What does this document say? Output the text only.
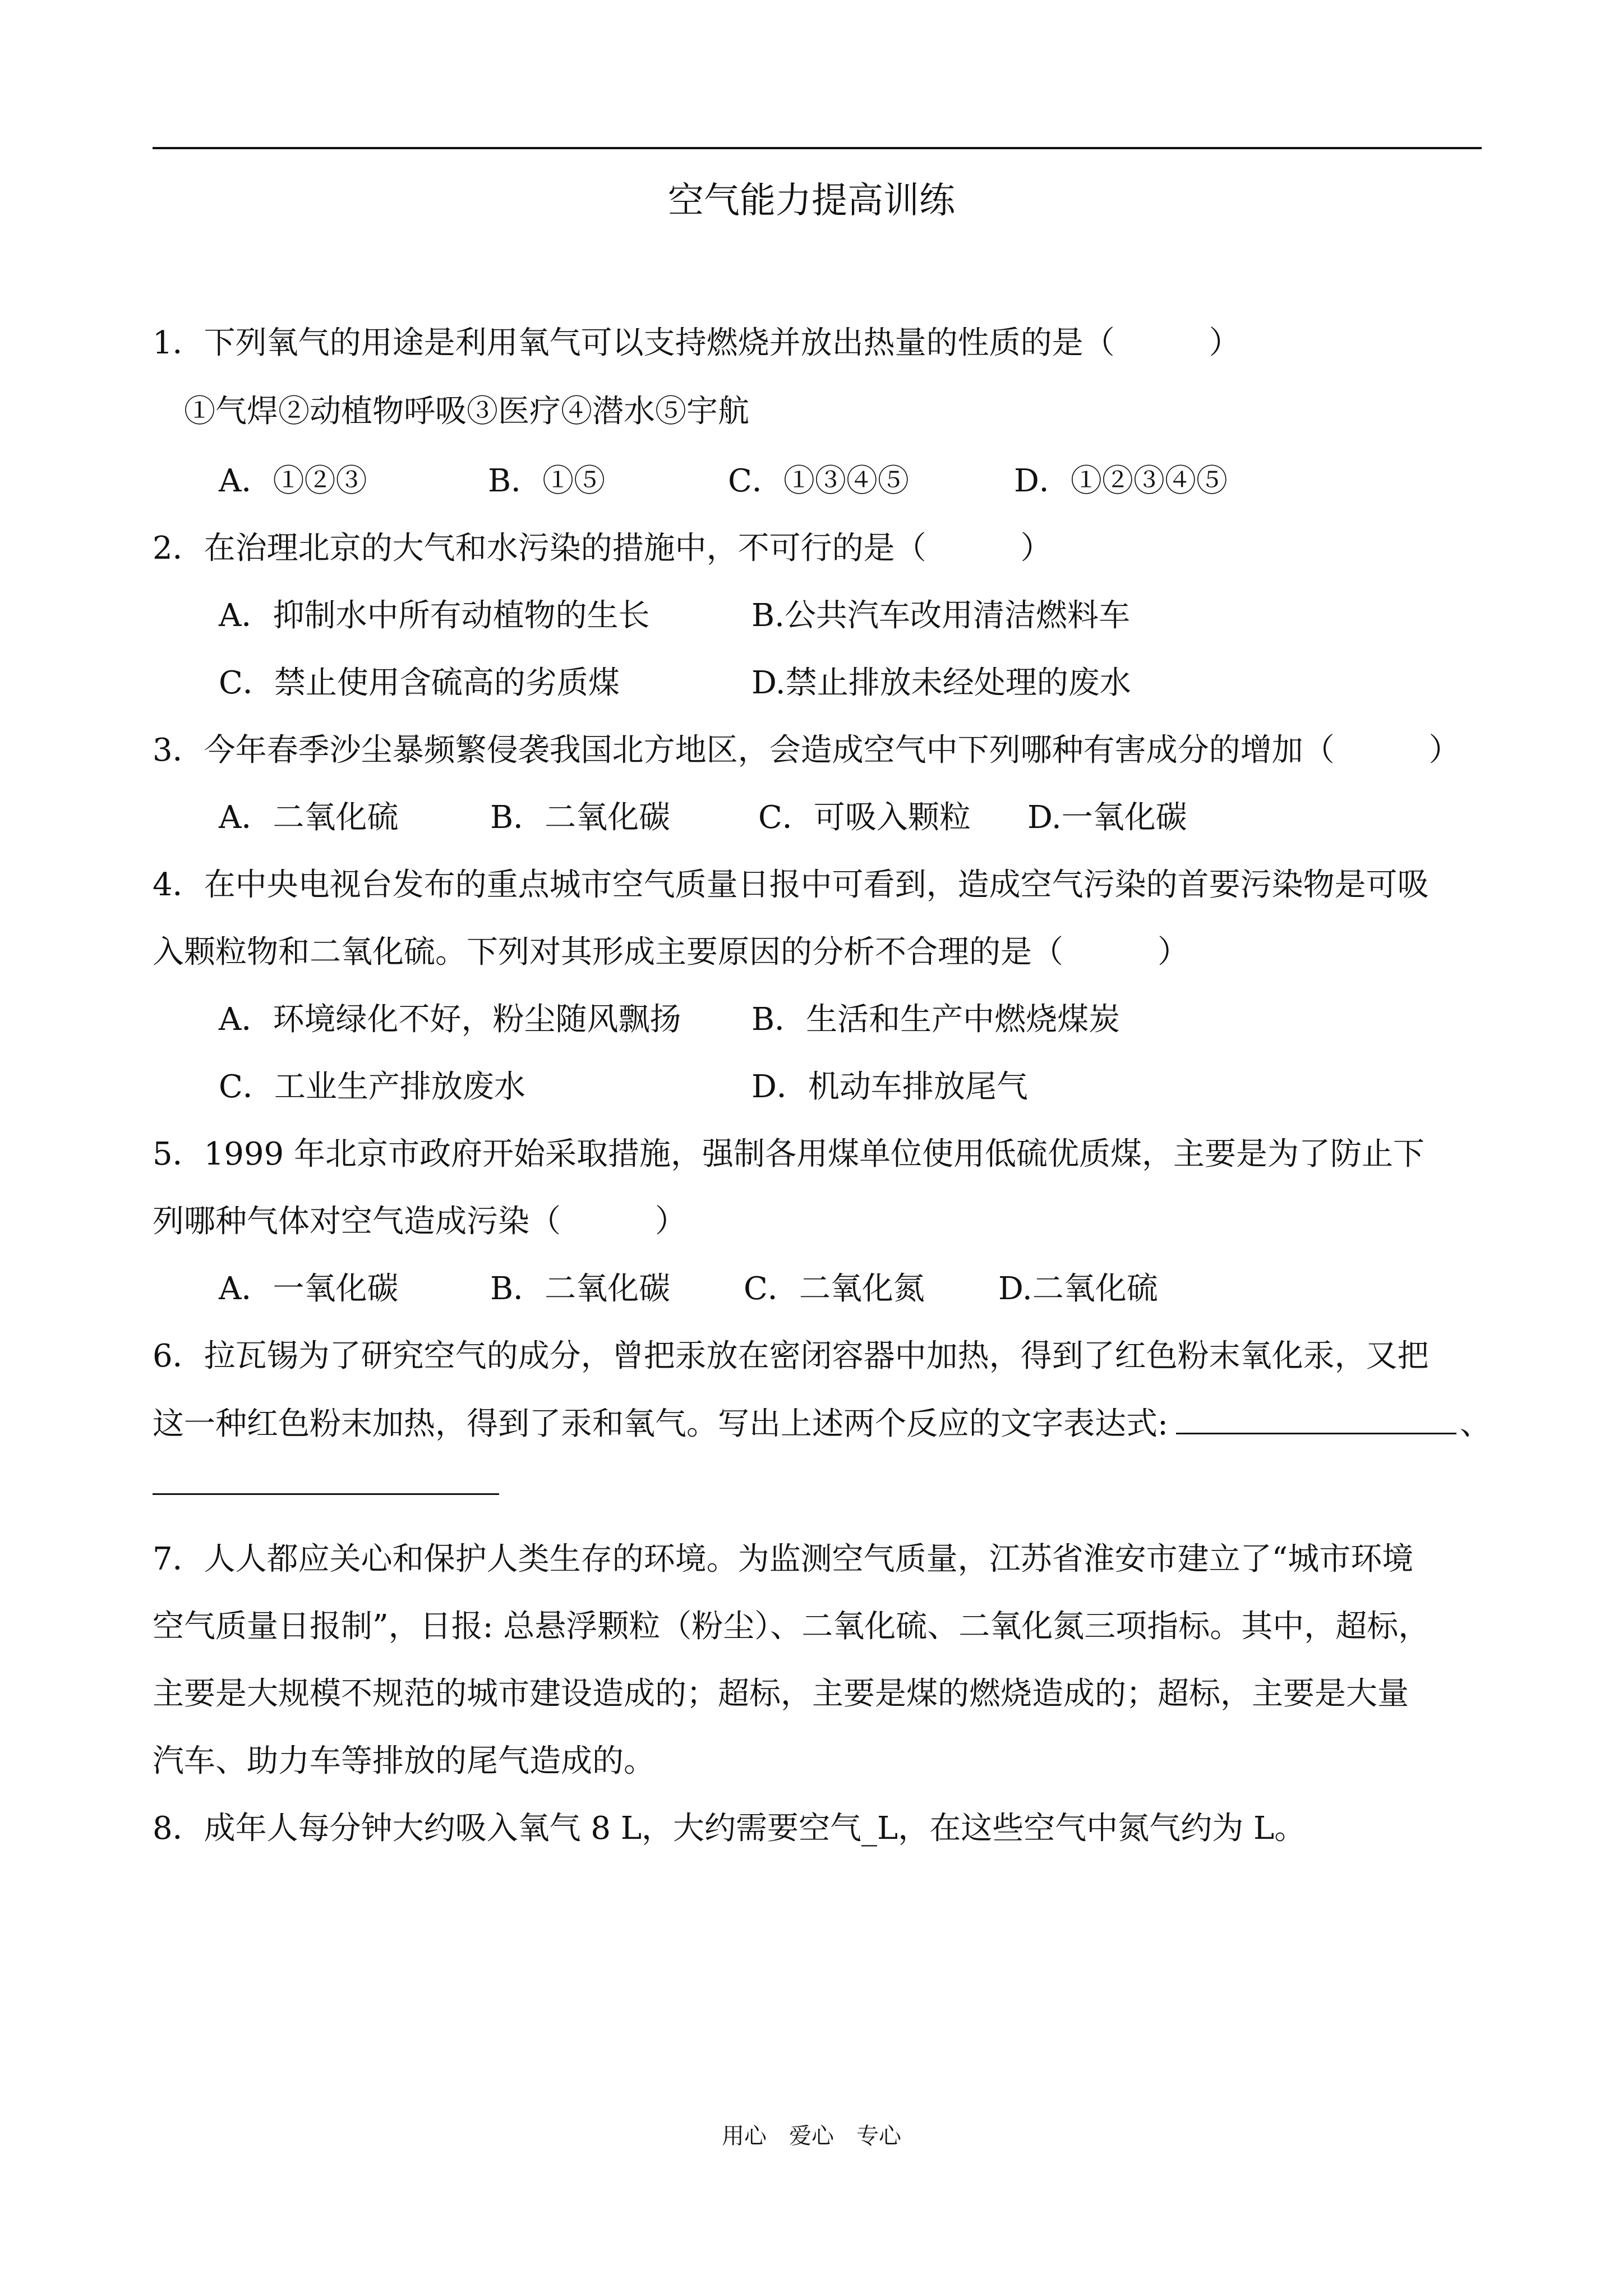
空气能力提高训练
1．下列氧气的用途是利用氧气可以支持燃烧并放出热量的性质的是（　　　）
①气焊②动植物呼吸③医疗④潜水⑤宇航
A．①②③	B．①⑤	C．①③④⑤	D．①②③④⑤
2．在治理北京的大气和水污染的措施中，不可行的是（　　　）
A．抑制水中所有动植物的生长	B.公共汽车改用清洁燃料车
C．禁止使用含硫高的劣质煤	D.禁止排放未经处理的废水
3．今年春季沙尘暴频繁侵袭我国北方地区，会造成空气中下列哪种有害成分的增加（　　　）
A．二氧化硫	B．二氧化碳	C．可吸入颗粒 D.一氧化碳
4．在中央电视台发布的重点城市空气质量日报中可看到，造成空气污染的首要污染物是可吸
入颗粒物和二氧化硫。下列对其形成主要原因的分析不合理的是（　　　）
A．环境绿化不好，粉尘随风飘扬 B．生活和生产中燃烧煤炭
C．工业生产排放废水	D．机动车排放尾气
5．1999 年北京市政府开始采取措施，强制各用煤单位使用低硫优质煤，主要是为了防止下
列哪种气体对空气造成污染（　　　）
A．一氧化碳	B．二氧化碳 C．二氧化氮 D.二氧化硫
6．拉瓦锡为了研究空气的成分，曾把汞放在密闭容器中加热，得到了红色粉末氧化汞，又把
这一种红色粉末加热，得到了汞和氧气。写出上述两个反应的文字表达式:	、
7．人人都应关心和保护人类生存的环境。为监测空气质量，江苏省淮安市建立了“城市环境
空气质量日报制”，日报: 总悬浮颗粒（粉尘）、二氧化硫、二氧化氮三项指标。其中，超标，
主要是大规模不规范的城市建设造成的；超标，主要是煤的燃烧造成的；超标，主要是大量
汽车、助力车等排放的尾气造成的。
8．成年人每分钟大约吸入氧气 8 L，大约需要空气_L，在这些空气中氮气约为 L。
用心　爱心　专心
